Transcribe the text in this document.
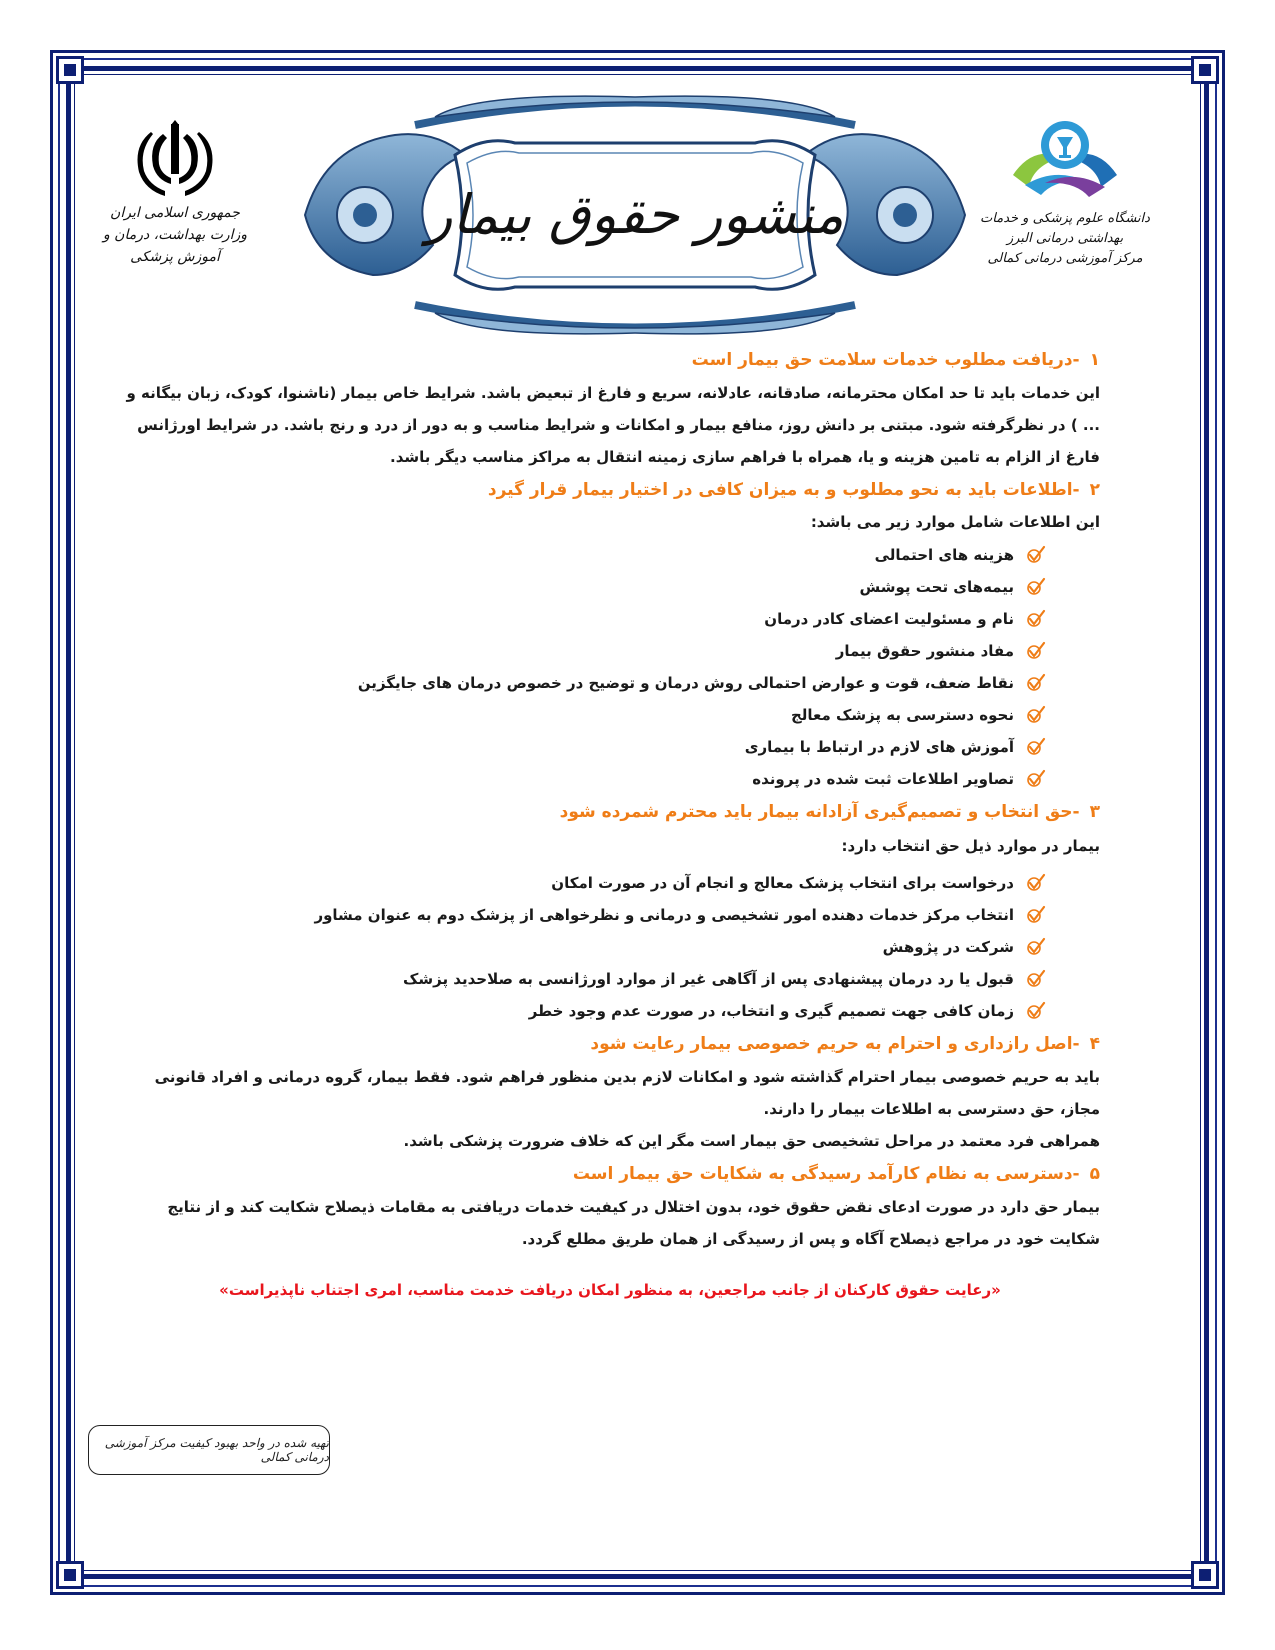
جمهوری اسلامی ایران
وزارت بهداشت، درمان و آموزش پزشکی
منشور حقوق بیمار	دانشگاه علوم پزشکی و خدمات بهداشتی درمانی البرز
مرکز آموزشی درمانی کمالی
۱-دریافت مطلوب خدمات سلامت حق بیمار است

این خدمات باید تا حد امکان محترمانه، صادقانه، عادلانه، سریع و فارغ از تبعیض باشد. شرایط خاص بیمار (ناشنوا، کودک، زبان بیگانه و ... ) در نظرگرفته شود. مبتنی بر دانش روز، منافع بیمار و امکانات و شرایط مناسب و به دور از درد و رنج باشد. در شرایط اورژانس فارغ از الزام به تامین هزینه و یا، همراه با فراهم سازی زمینه انتقال به مراکز مناسب دیگر باشد.

۲-اطلاعات باید به نحو مطلوب و به میزان کافی در اختیار بیمار قرار گیرد
این اطلاعات شامل موارد زیر می باشد:
هزینه های احتمالی
بیمه‌های تحت پوشش
نام و مسئولیت اعضای کادر درمان
مفاد منشور حقوق بیمار
نقاط ضعف، قوت و عوارض احتمالی روش درمان و توضیح در خصوص درمان های جایگزین
نحوه دسترسی به پزشک معالج
آموزش های لازم در ارتباط با بیماری
تصاویر اطلاعات ثبت شده در پرونده
۳-حق انتخاب و تصمیم‌گیری آزادانه بیمار باید محترم شمرده شود
بیمار در موارد ذیل حق انتخاب دارد:
درخواست برای انتخاب پزشک معالج و انجام آن در صورت امکان
انتخاب مرکز خدمات دهنده امور تشخیصی و درمانی و نظرخواهی از پزشک دوم به عنوان مشاور
شرکت در پژوهش
قبول یا رد درمان پیشنهادی پس از آگاهی غیر از موارد اورژانسی به صلاحدید پزشک
زمان کافی جهت تصمیم گیری و انتخاب، در صورت عدم وجود خطر
۴-اصل رازداری و احترام به حریم خصوصی بیمار رعایت شود

باید به حریم خصوصی بیمار احترام گذاشته شود و امکانات لازم بدین منظور فراهم شود. فقط بیمار، گروه درمانی و افراد قانونی مجاز، حق دسترسی به اطلاعات بیمار را دارند.

همراهی فرد معتمد در مراحل تشخیصی حق بیمار است مگر این که خلاف ضرورت پزشکی باشد.

۵-دسترسی به نظام کارآمد رسیدگی به شکایات حق بیمار است

بیمار حق دارد در صورت ادعای نقض حقوق خود، بدون اختلال در کیفیت خدمات دریافتی به مقامات ذیصلاح شکایت کند و از نتایج شکایت خود در مراجع ذیصلاح آگاه و پس از رسیدگی از همان طریق مطلع گردد.

«رعایت حقوق کارکنان از جانب مراجعین، به منظور امکان دریافت خدمت مناسب، امری اجتناب ناپذیراست»
تهیه شده در واحد بهبود کیفیت مرکز آموزشی درمانی کمالی
